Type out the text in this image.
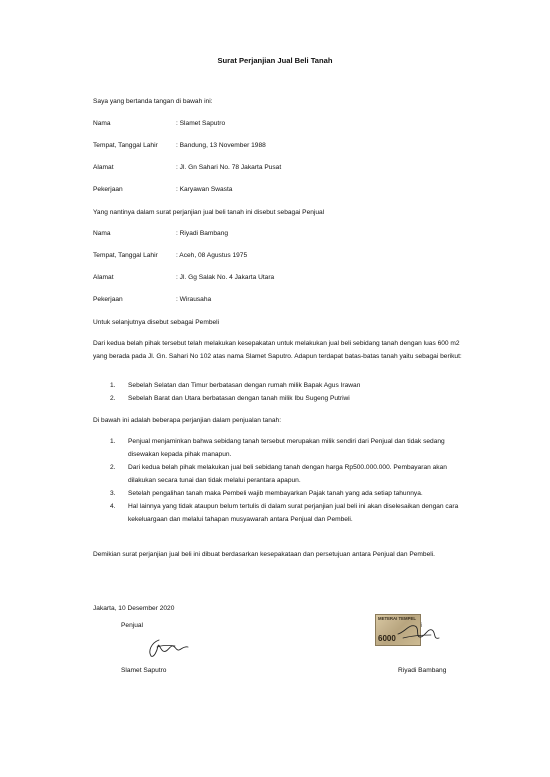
Surat Perjanjian Jual Beli Tanah
Saya yang bertanda tangan di bawah ini:
Nama	: Slamet Saputro
Tempat, Tanggal Lahir	: Bandung, 13 November 1988
Alamat	: Jl. Gn Sahari No. 78 Jakarta Pusat
Pekerjaan	: Karyawan Swasta
Yang nantinya dalam surat perjanjian jual beli tanah ini disebut sebagai Penjual
Nama	: Riyadi Bambang
Tempat, Tanggal Lahir	: Aceh, 08 Agustus 1975
Alamat	: Jl. Gg Salak No. 4 Jakarta Utara
Pekerjaan	: Wirausaha
Untuk selanjutnya disebut sebagai Pembeli
Dari kedua belah pihak tersebut telah melakukan kesepakatan untuk melakukan jual beli sebidang tanah dengan luas 600 m2 yang berada pada Jl. Gn. Sahari No 102 atas nama Slamet Saputro. Adapun terdapat batas-batas tanah yaitu sebagai berikut:
1. Sebelah Selatan dan Timur berbatasan dengan rumah milik Bapak Agus Irawan
2. Sebelah Barat dan Utara berbatasan dengan tanah milik Ibu Sugeng Putriwi
Di bawah ini adalah beberapa perjanjian dalam penjualan tanah:
1. Penjual menjaminkan bahwa sebidang tanah tersebut merupakan milik sendiri dari Penjual dan tidak sedang disewakan kepada pihak manapun.
2. Dari kedua belah pihak melakukan jual beli sebidang tanah dengan harga Rp500.000.000. Pembayaran akan dilakukan secara tunai dan tidak melalui perantara apapun.
3. Setelah pengalihan tanah maka Pembeli wajib membayarkan Pajak tanah yang ada setiap tahunnya.
4. Hal lainnya yang tidak ataupun belum tertulis di dalam surat perjanjian jual beli ini akan diselesaikan dengan cara kekeluargaan dan melalui tahapan musyawarah antara Penjual dan Pembeli.
Demikian surat perjanjian jual beli ini dibuat berdasarkan kesepakataan dan persetujuan antara Penjual dan Pembeli.
Jakarta, 10 Desember 2020
Penjual
METERAI TEMPEL
6000
Slamet Saputro	Riyadi Bambang
